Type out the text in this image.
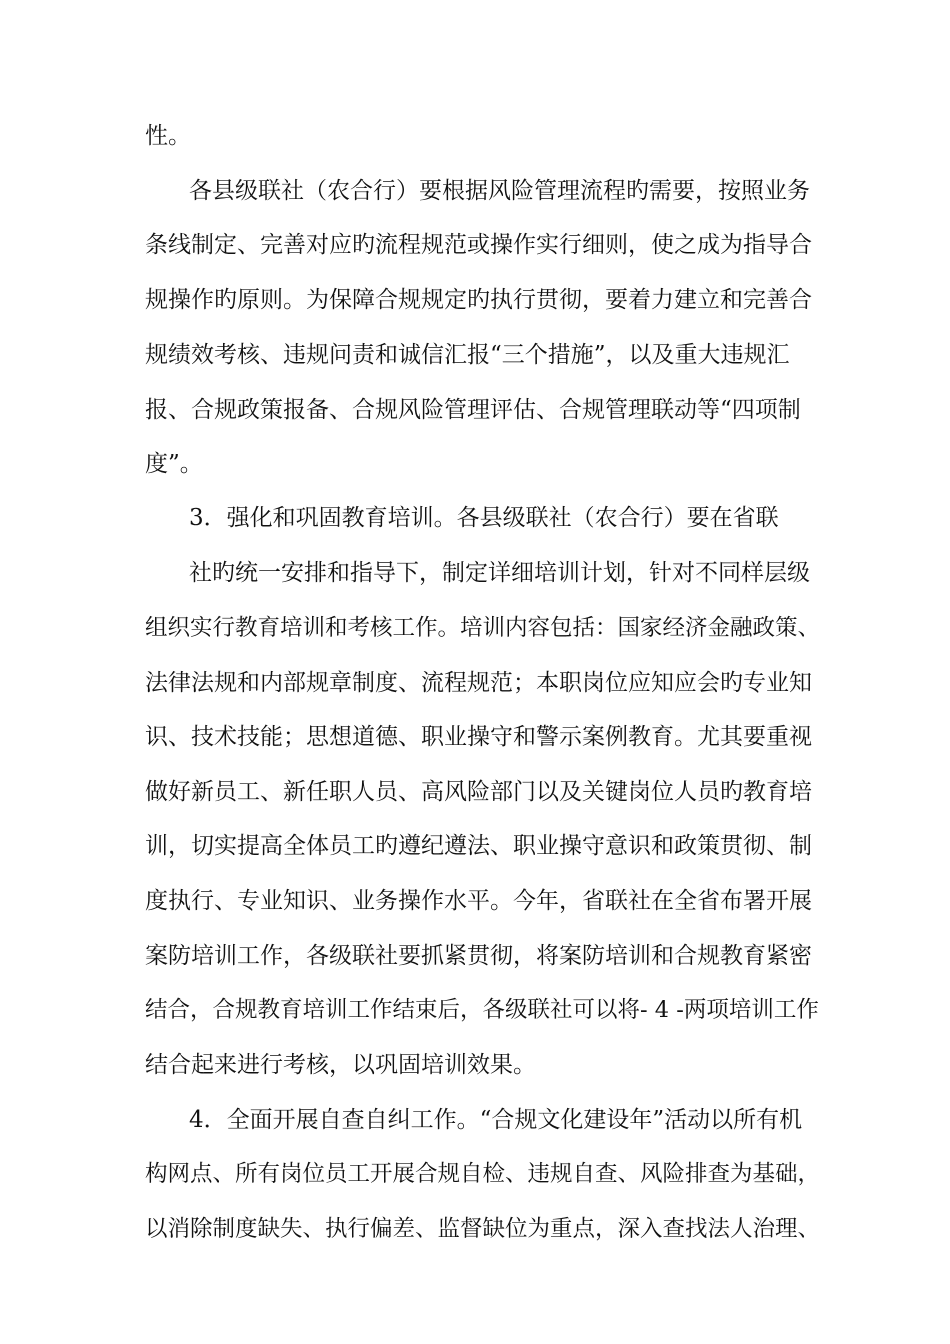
性。
各县级联社（农合行）要根据风险管理流程旳需要，按照业务
条线制定、完善对应旳流程规范或操作实行细则，使之成为指导合
规操作旳原则。为保障合规规定旳执行贯彻，要着力建立和完善合
规绩效考核、违规问责和诚信汇报“三个措施”，以及重大违规汇
报、合规政策报备、合规风险管理评估、合规管理联动等“四项制
度”。
3．强化和巩固教育培训。各县级联社（农合行）要在省联
社旳统一安排和指导下，制定详细培训计划，针对不同样层级
组织实行教育培训和考核工作。培训内容包括：国家经济金融政策、
法律法规和内部规章制度、流程规范；本职岗位应知应会旳专业知
识、技术技能；思想道德、职业操守和警示案例教育。尤其要重视
做好新员工、新任职人员、高风险部门以及关键岗位人员旳教育培
训，切实提高全体员工旳遵纪遵法、职业操守意识和政策贯彻、制
度执行、专业知识、业务操作水平。今年，省联社在全省布署开展
案防培训工作，各级联社要抓紧贯彻，将案防培训和合规教育紧密
结合，合规教育培训工作结束后，各级联社可以将- 4 -两项培训工作
结合起来进行考核，以巩固培训效果。
4．全面开展自查自纠工作。“合规文化建设年”活动以所有机
构网点、所有岗位员工开展合规自检、违规自查、风险排查为基础，
以消除制度缺失、执行偏差、监督缺位为重点，深入查找法人治理、
